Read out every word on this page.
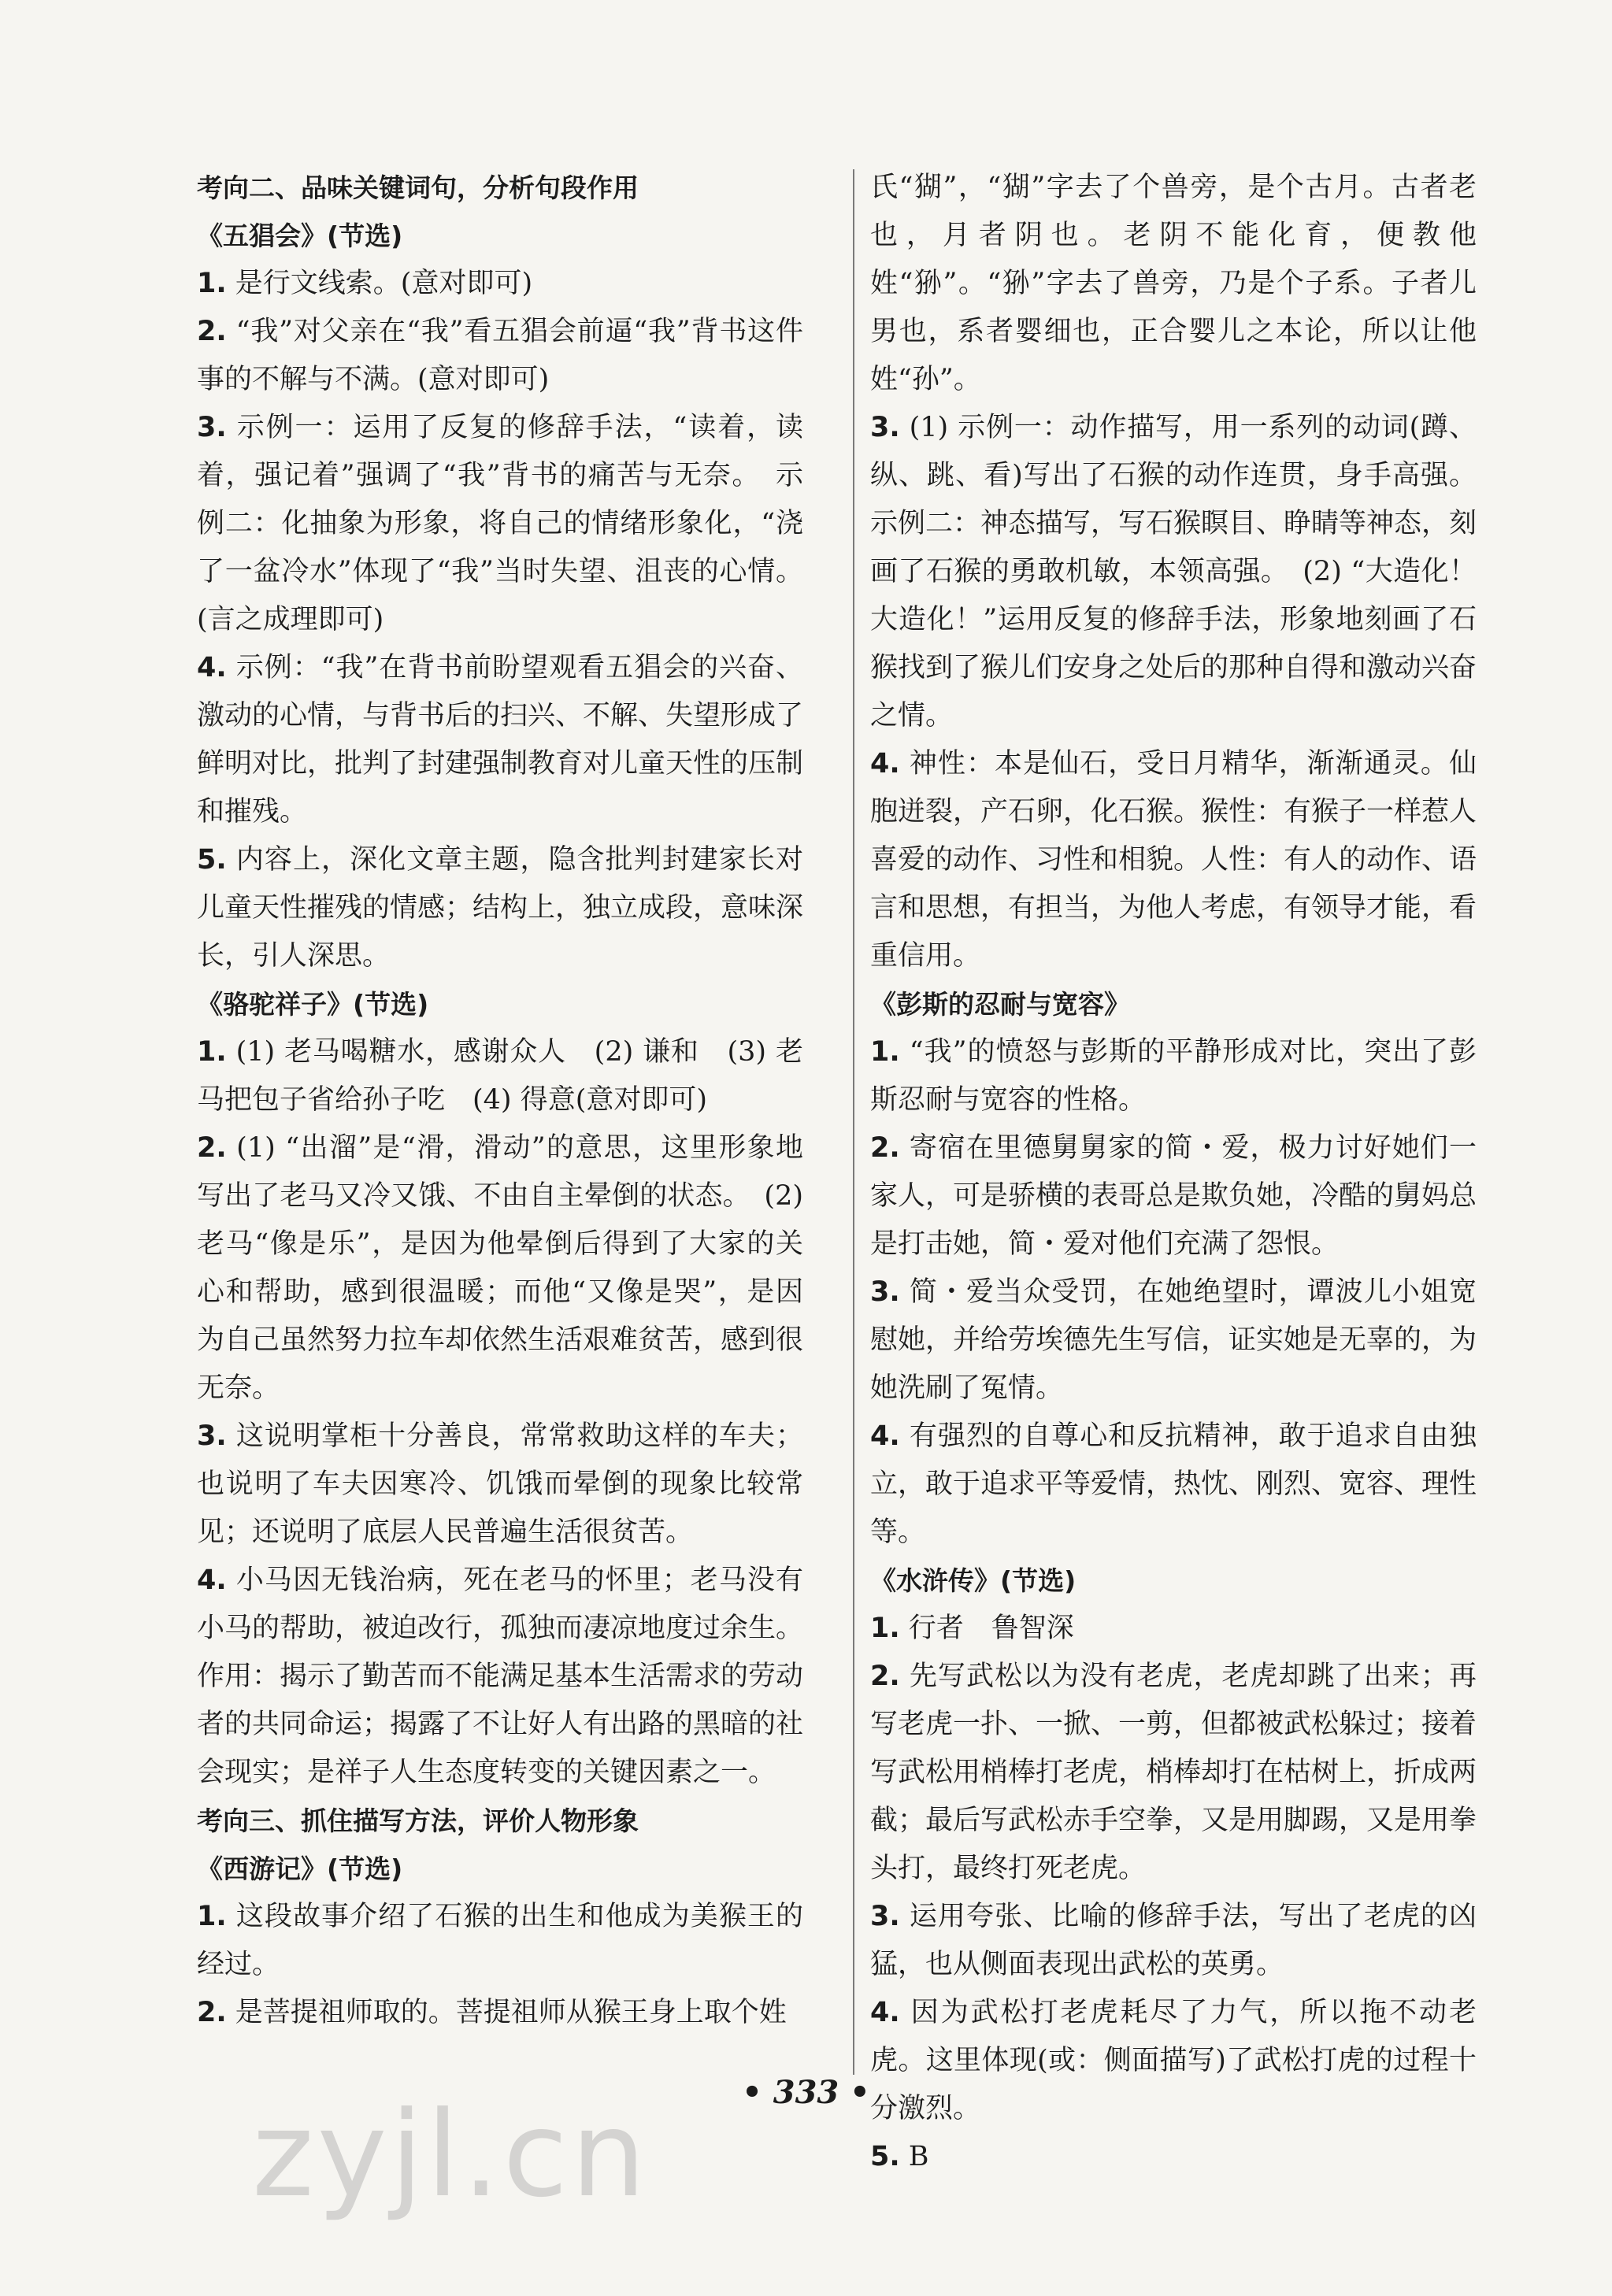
考向二、品味关键词句，分析句段作用
《五猖会》(节选)
1. 是行文线索。(意对即可)
2. “我”对父亲在“我”看五猖会前逼“我”背书这件事的不解与不满。(意对即可)
3. 示例一：运用了反复的修辞手法，“读着，读着，强记着”强调了“我”背书的痛苦与无奈。　示例二：化抽象为形象，将自己的情绪形象化，“浇了一盆冷水”体现了“我”当时失望、沮丧的心情。(言之成理即可)
4. 示例：“我”在背书前盼望观看五猖会的兴奋、激动的心情，与背书后的扫兴、不解、失望形成了鲜明对比，批判了封建强制教育对儿童天性的压制和摧残。
5. 内容上，深化文章主题，隐含批判封建家长对儿童天性摧残的情感；结构上，独立成段，意味深长，引人深思。
《骆驼祥子》(节选)
1. (1) 老马喝糖水，感谢众人　(2) 谦和　(3) 老马把包子省给孙子吃　(4) 得意(意对即可)
2. (1) “出溜”是“滑，滑动”的意思，这里形象地写出了老马又冷又饿、不由自主晕倒的状态。　(2) 老马“像是乐”，是因为他晕倒后得到了大家的关心和帮助，感到很温暖；而他“又像是哭”，是因为自己虽然努力拉车却依然生活艰难贫苦，感到很无奈。
3. 这说明掌柜十分善良，常常救助这样的车夫；也说明了车夫因寒冷、饥饿而晕倒的现象比较常见；还说明了底层人民普遍生活很贫苦。
4. 小马因无钱治病，死在老马的怀里；老马没有小马的帮助，被迫改行，孤独而凄凉地度过余生。作用：揭示了勤苦而不能满足基本生活需求的劳动者的共同命运；揭露了不让好人有出路的黑暗的社会现实；是祥子人生态度转变的关键因素之一。
考向三、抓住描写方法，评价人物形象
《西游记》(节选)
1. 这段故事介绍了石猴的出生和他成为美猴王的经过。
2. 是菩提祖师取的。菩提祖师从猴王身上取个姓
氏“猢”，“猢”字去了个兽旁，是个古月。古者老也，月者阴也。老阴不能化育，便教他姓“狲”。“狲”字去了兽旁，乃是个子系。子者儿男也，系者婴细也，正合婴儿之本论，所以让他姓“孙”。
3. (1) 示例一：动作描写，用一系列的动词(蹲、纵、跳、看)写出了石猴的动作连贯，身手高强。示例二：神态描写，写石猴瞑目、睁睛等神态，刻画了石猴的勇敢机敏，本领高强。　(2) “大造化！大造化！”运用反复的修辞手法，形象地刻画了石猴找到了猴儿们安身之处后的那种自得和激动兴奋之情。
4. 神性：本是仙石，受日月精华，渐渐通灵。仙胞迸裂，产石卵，化石猴。猴性：有猴子一样惹人喜爱的动作、习性和相貌。人性：有人的动作、语言和思想，有担当，为他人考虑，有领导才能，看重信用。
《彭斯的忍耐与宽容》
1. “我”的愤怒与彭斯的平静形成对比，突出了彭斯忍耐与宽容的性格。
2. 寄宿在里德舅舅家的简・爱，极力讨好她们一家人，可是骄横的表哥总是欺负她，冷酷的舅妈总是打击她，简・爱对他们充满了怨恨。
3. 简・爱当众受罚，在她绝望时，谭波儿小姐宽慰她，并给劳埃德先生写信，证实她是无辜的，为她洗刷了冤情。
4. 有强烈的自尊心和反抗精神，敢于追求自由独立，敢于追求平等爱情，热忱、刚烈、宽容、理性等。
《水浒传》(节选)
1. 行者　鲁智深
2. 先写武松以为没有老虎，老虎却跳了出来；再写老虎一扑、一掀、一剪，但都被武松躲过；接着写武松用梢棒打老虎，梢棒却打在枯树上，折成两截；最后写武松赤手空拳，又是用脚踢，又是用拳头打，最终打死老虎。
3. 运用夸张、比喻的修辞手法，写出了老虎的凶猛，也从侧面表现出武松的英勇。
4. 因为武松打老虎耗尽了力气，所以拖不动老虎。这里体现(或：侧面描写)了武松打虎的过程十分激烈。
5. B
• 333 •
zyjl.cn
